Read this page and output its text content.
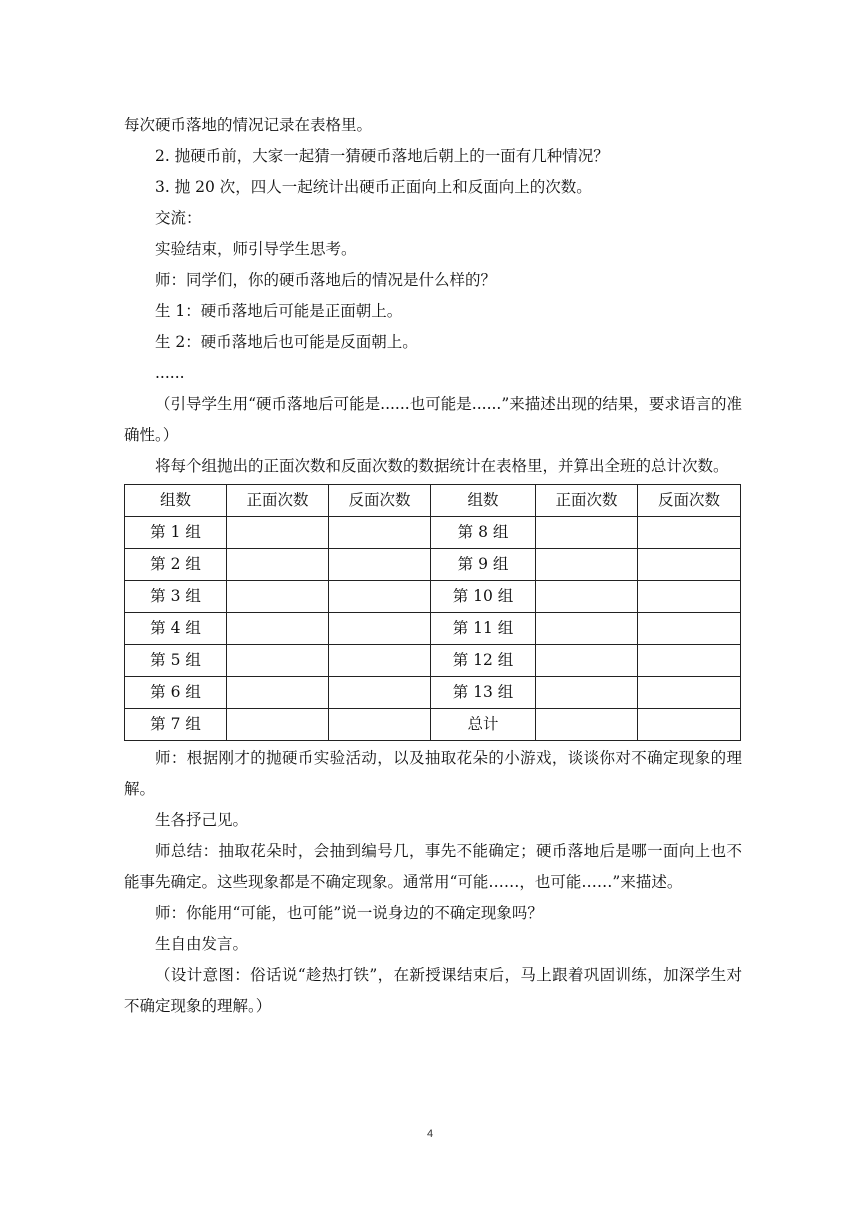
每次硬币落地的情况记录在表格里。

2. 抛硬币前，大家一起猜一猜硬币落地后朝上的一面有几种情况？

3. 抛 20 次，四人一起统计出硬币正面向上和反面向上的次数。

交流：

实验结束，师引导学生思考。

师：同学们，你的硬币落地后的情况是什么样的？

生 1：硬币落地后可能是正面朝上。

生 2：硬币落地后也可能是反面朝上。

......

（引导学生用“硬币落地后可能是......也可能是......”来描述出现的结果，要求语言的准确性。）

将每个组抛出的正面次数和反面次数的数据统计在表格里，并算出全班的总计次数。

组数	正面次数	反面次数	组数	正面次数	反面次数
第 1 组			第 8 组		
第 2 组			第 9 组		
第 3 组			第 10 组		
第 4 组			第 11 组		
第 5 组			第 12 组		
第 6 组			第 13 组		
第 7 组			总计		

师：根据刚才的抛硬币实验活动，以及抽取花朵的小游戏，谈谈你对不确定现象的理解。

生各抒己见。

师总结：抽取花朵时，会抽到编号几，事先不能确定；硬币落地后是哪一面向上也不能事先确定。这些现象都是不确定现象。通常用“可能……，也可能……”来描述。

师：你能用“可能，也可能”说一说身边的不确定现象吗？

生自由发言。

（设计意图：俗话说“趁热打铁”，在新授课结束后，马上跟着巩固训练，加深学生对不确定现象的理解。）

4
